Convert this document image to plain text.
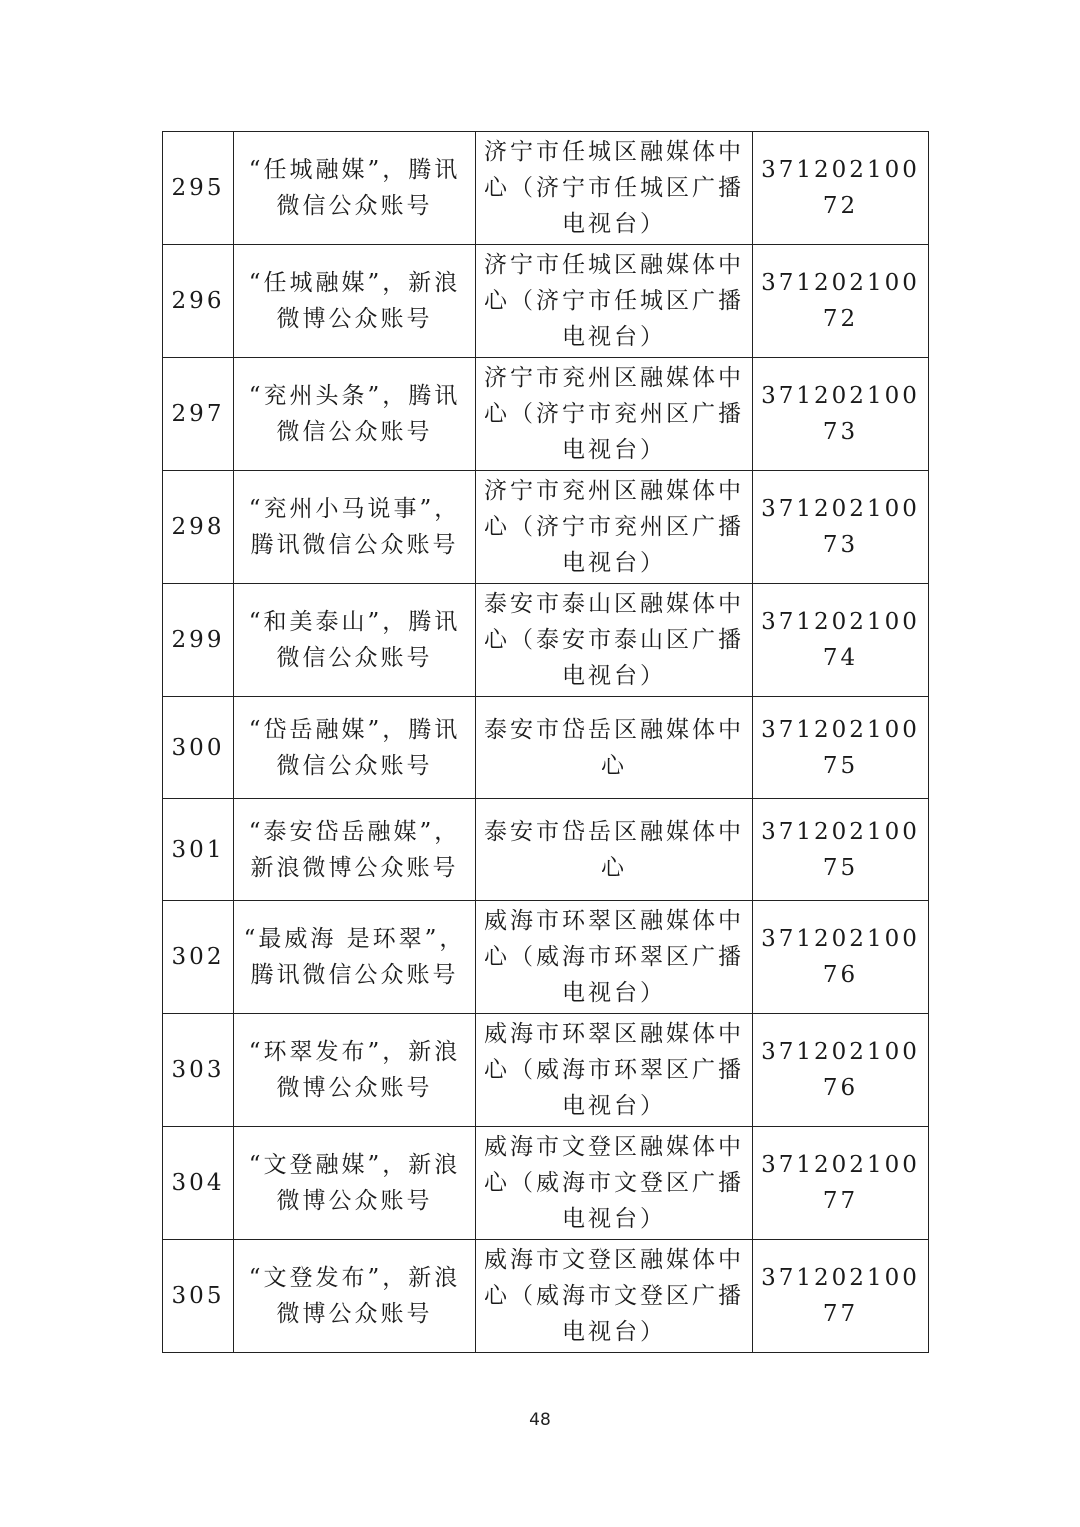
295	“任城融媒”，腾讯微信公众账号	济宁市任城区融媒体中心（济宁市任城区广播电视台）	37120210072
296	“任城融媒”，新浪微博公众账号	济宁市任城区融媒体中心（济宁市任城区广播电视台）	37120210072
297	“兖州头条”，腾讯微信公众账号	济宁市兖州区融媒体中心（济宁市兖州区广播电视台）	37120210073
298	“兖州小马说事”，腾讯微信公众账号	济宁市兖州区融媒体中心（济宁市兖州区广播电视台）	37120210073
299	“和美泰山”，腾讯微信公众账号	泰安市泰山区融媒体中心（泰安市泰山区广播电视台）	37120210074
300	“岱岳融媒”，腾讯微信公众账号	泰安市岱岳区融媒体中心	37120210075
301	“泰安岱岳融媒”，新浪微博公众账号	泰安市岱岳区融媒体中心	37120210075
302	“最威海 是环翠”，腾讯微信公众账号	威海市环翠区融媒体中心（威海市环翠区广播电视台）	37120210076
303	“环翠发布”，新浪微博公众账号	威海市环翠区融媒体中心（威海市环翠区广播电视台）	37120210076
304	“文登融媒”，新浪微博公众账号	威海市文登区融媒体中心（威海市文登区广播电视台）	37120210077
305	“文登发布”，新浪微博公众账号	威海市文登区融媒体中心（威海市文登区广播电视台）	37120210077
48
